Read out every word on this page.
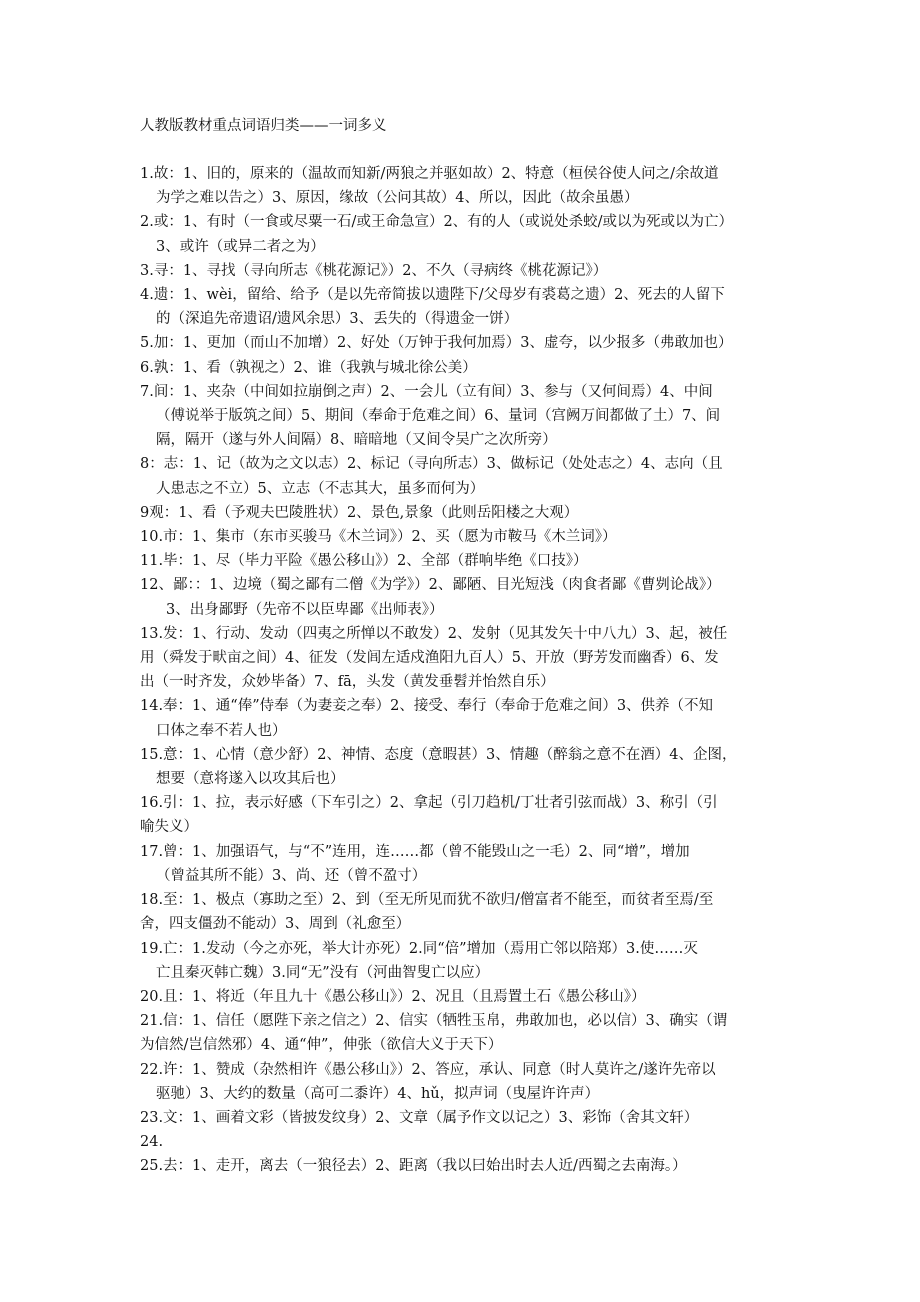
人教版教材重点词语归类——一词多义
1.故：1、旧的，原来的（温故而知新/两狼之并驱如故）2、特意（桓侯谷使人问之/余故道
为学之难以告之）3、原因，缘故（公问其故）4、所以，因此（故余虽愚）
2.或：1、有时（一食或尽粟一石/或王命急宣）2、有的人（或说处杀蛟/或以为死或以为亡）
3、或许（或异二者之为）
3.寻：1、寻找（寻向所志《桃花源记》）2、不久（寻病终《桃花源记》）
4.遗：1、wèi，留给、给予（是以先帝简拔以遗陛下/父母岁有裘葛之遗）2、死去的人留下
的（深追先帝遗诏/遗风余思）3、丢失的（得遗金一饼）
5.加：1、更加（而山不加增）2、好处（万钟于我何加焉）3、虚夸，以少报多（弗敢加也）
6.孰：1、看（孰视之）2、谁（我孰与城北徐公美）
7.间：1、夹杂（中间如拉崩倒之声）2、一会儿（立有间）3、参与（又何间焉）4、中间
（傅说举于版筑之间）5、期间（奉命于危难之间）6、量词（宫阙万间都做了土）7、间
隔，隔开（遂与外人间隔）8、暗暗地（又间令吴广之次所旁）
8：志：1、记（故为之文以志）2、标记（寻向所志）3、做标记（处处志之）4、志向（且
人患志之不立）5、立志（不志其大，虽多而何为）
9观：1、看（予观夫巴陵胜状）2、景色,景象（此则岳阳楼之大观）
10.市：1、集市（东市买骏马《木兰词》）2、买（愿为市鞍马《木兰词》）
11.毕：1、尽（毕力平险《愚公移山》）2、全部（群响毕绝《口技》）
12、鄙：：1、边境（蜀之鄙有二僧《为学》）2、鄙陋、目光短浅（肉食者鄙《曹刿论战》）
3、出身鄙野（先帝不以臣卑鄙《出师表》）
13.发：1、行动、发动（四夷之所惮以不敢发）2、发射（见其发矢十中八九）3、起，被任
用（舜发于畎亩之间）4、征发（发闾左适戍渔阳九百人）5、开放（野芳发而幽香）6、发
出（一时齐发，众妙毕备）7、fā，头发（黄发垂髫并怡然自乐）
14.奉：1、通“俸”侍奉（为妻妾之奉）2、接受、奉行（奉命于危难之间）3、供养（不知
口体之奉不若人也）
15.意：1、心情（意少舒）2、神情、态度（意暇甚）3、情趣（醉翁之意不在酒）4、企图，
想要（意将遂入以攻其后也）
16.引：1、拉，表示好感（下车引之）2、拿起（引刀趋机/丁壮者引弦而战）3、称引（引
喻失义）
17.曾：1、加强语气，与“不”连用，连……都（曾不能毁山之一毛）2、同“增”，增加
（曾益其所不能）3、尚、还（曾不盈寸）
18.至：1、极点（寡助之至）2、到（至无所见而犹不欲归/僧富者不能至，而贫者至焉/至
舍，四支僵劲不能动）3、周到（礼愈至）
19.亡：1.发动（今之亦死，举大计亦死）2.同“倍”增加（焉用亡邻以陪郑）3.使……灭
亡且秦灭韩亡魏）3.同“无”没有（河曲智叟亡以应）
20.且：1、将近（年且九十《愚公移山》）2、况且（且焉置土石《愚公移山》）
21.信：1、信任（愿陛下亲之信之）2、信实（牺牲玉帛，弗敢加也，必以信）3、确实（谓
为信然/岂信然邪）4、通“伸”，伸张（欲信大义于天下）
22.许：1、赞成（杂然相许《愚公移山》）2、答应，承认、同意（时人莫许之/遂许先帝以
驱驰）3、大约的数量（高可二黍许）4、hǔ，拟声词（曳屋许许声）
23.文：1、画着文彩（皆披发纹身）2、文章（属予作文以记之）3、彩饰（舍其文轩）
24.
25.去：1、走开，离去（一狼径去）2、距离（我以曰始出时去人近/西蜀之去南海。）
